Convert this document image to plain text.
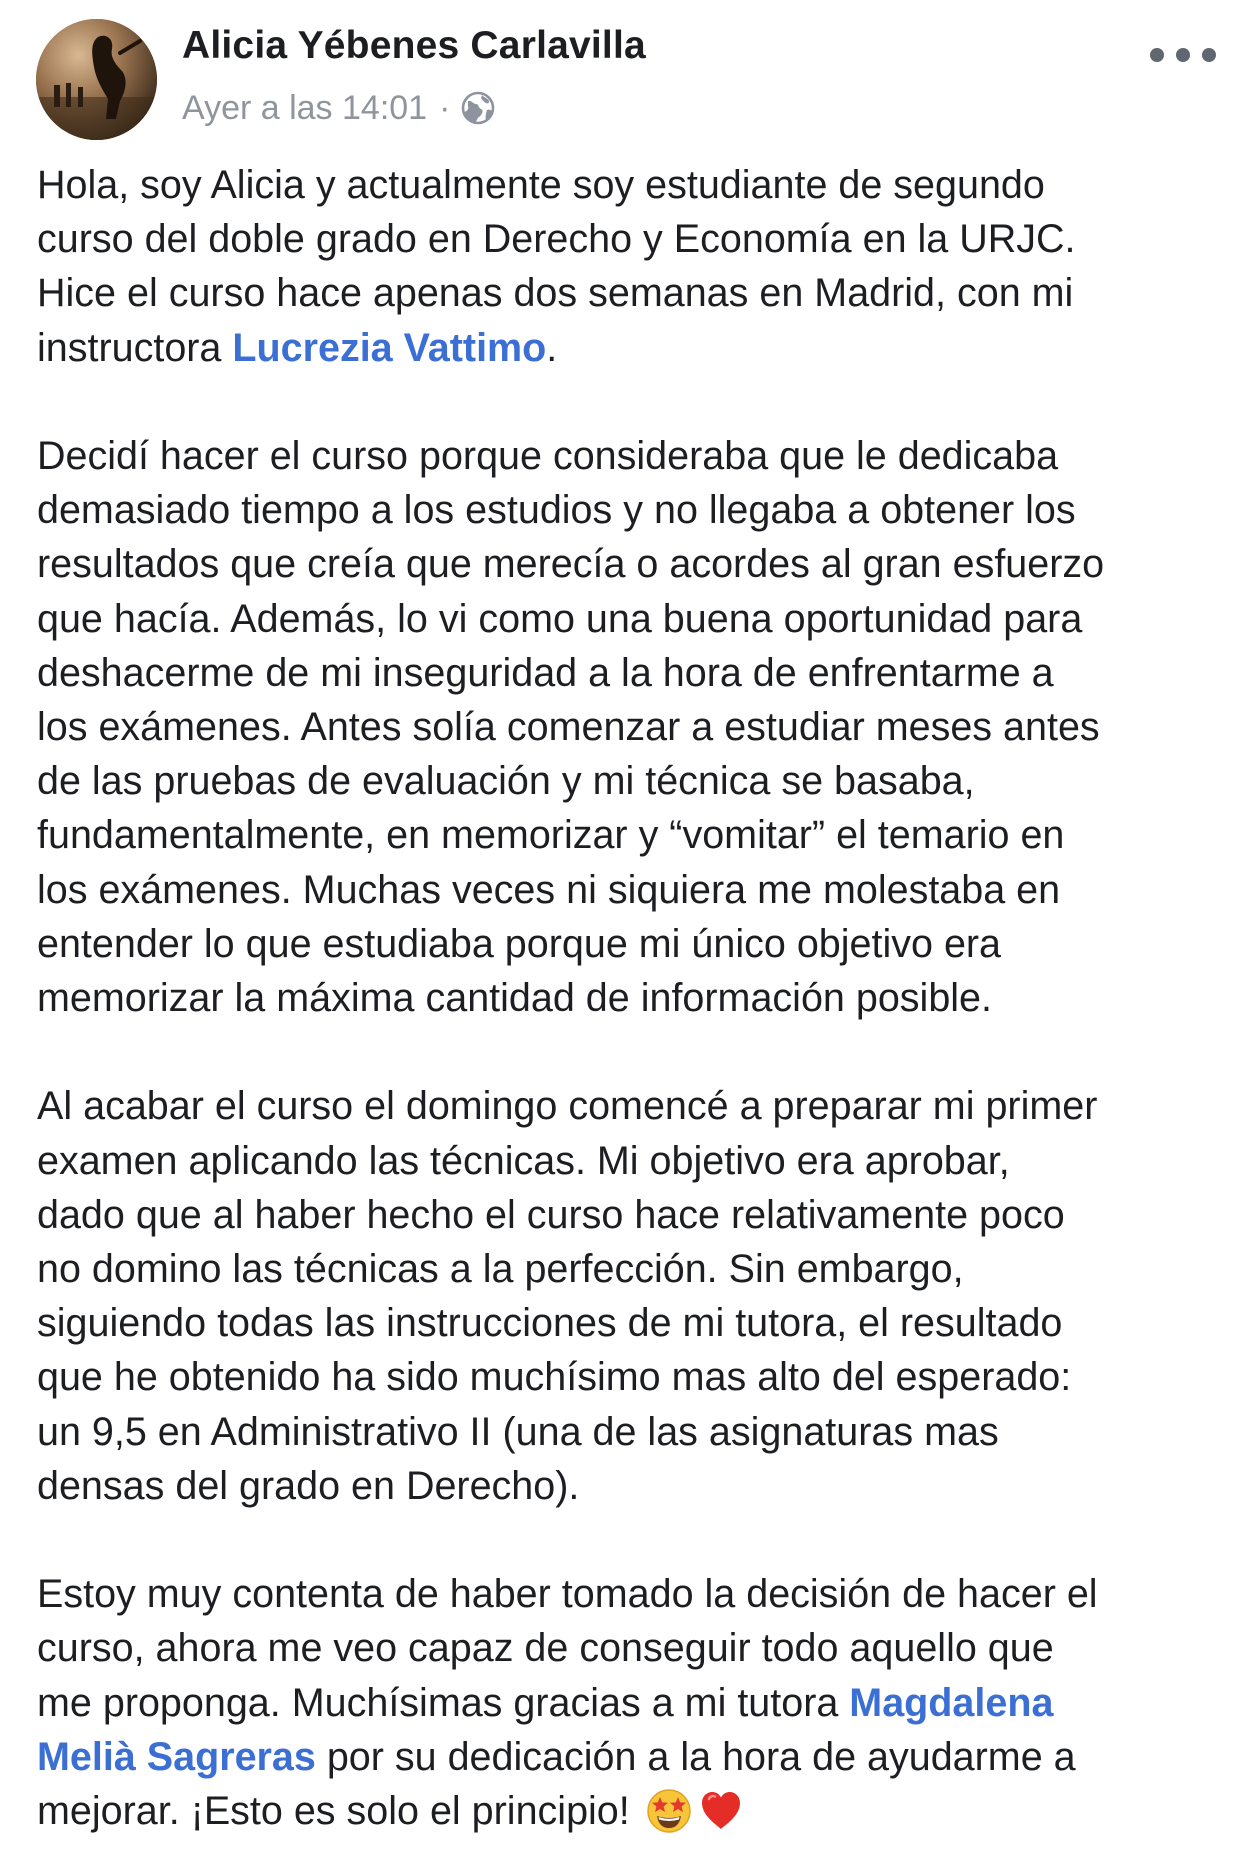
Alicia Yébenes Carlavilla
Ayer a las 14:01 ·

Hola, soy Alicia y actualmente soy estudiante de segundo
curso del doble grado en Derecho y Economía en la URJC.
Hice el curso hace apenas dos semanas en Madrid, con mi
instructora Lucrezia Vattimo.

Decidí hacer el curso porque consideraba que le dedicaba
demasiado tiempo a los estudios y no llegaba a obtener los
resultados que creía que merecía o acordes al gran esfuerzo
que hacía. Además, lo vi como una buena oportunidad para
deshacerme de mi inseguridad a la hora de enfrentarme a
los exámenes. Antes solía comenzar a estudiar meses antes
de las pruebas de evaluación y mi técnica se basaba,
fundamentalmente, en memorizar y “vomitar” el temario en
los exámenes. Muchas veces ni siquiera me molestaba en
entender lo que estudiaba porque mi único objetivo era
memorizar la máxima cantidad de información posible.

Al acabar el curso el domingo comencé a preparar mi primer
examen aplicando las técnicas. Mi objetivo era aprobar,
dado que al haber hecho el curso hace relativamente poco
no domino las técnicas a la perfección. Sin embargo,
siguiendo todas las instrucciones de mi tutora, el resultado
que he obtenido ha sido muchísimo mas alto del esperado:
un 9,5 en Administrativo II (una de las asignaturas mas
densas del grado en Derecho).

Estoy muy contenta de haber tomado la decisión de hacer el
curso, ahora me veo capaz de conseguir todo aquello que
me proponga. Muchísimas gracias a mi tutora Magdalena
Melià Sagreras por su dedicación a la hora de ayudarme a
mejorar. ¡Esto es solo el principio!
